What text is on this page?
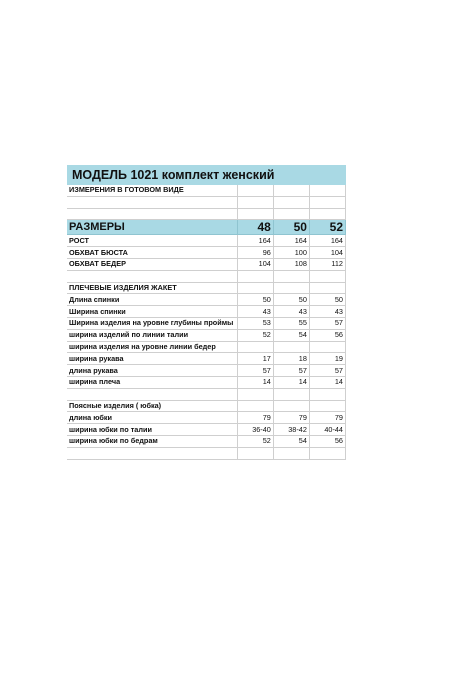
МОДЕЛЬ 1021 комплект женский
ИЗМЕРЕНИЯ В ГОТОВОМ ВИДЕ			

РАЗМЕРЫ	48	50	52
РОСТ	164	164	164
ОБХВАТ БЮСТА	96	100	104
ОБХВАТ БЕДЕР	104	108	112

ПЛЕЧЕВЫЕ ИЗДЕЛИЯ ЖАКЕТ			
Длина спинки	50	50	50
Ширина спинки	43	43	43
Ширина изделия на уровне глубины проймы	53	55	57
ширина изделий по линии талии	52	54	56
ширина изделия на уровне линии бедер			
ширина рукава	17	18	19
длина рукава	57	57	57
ширина плеча	14	14	14

Поясные изделия ( юбка)			
длина юбки	79	79	79
ширина юбки по талии	36-40	38-42	40-44
ширина юбки по бедрам	52	54	56
